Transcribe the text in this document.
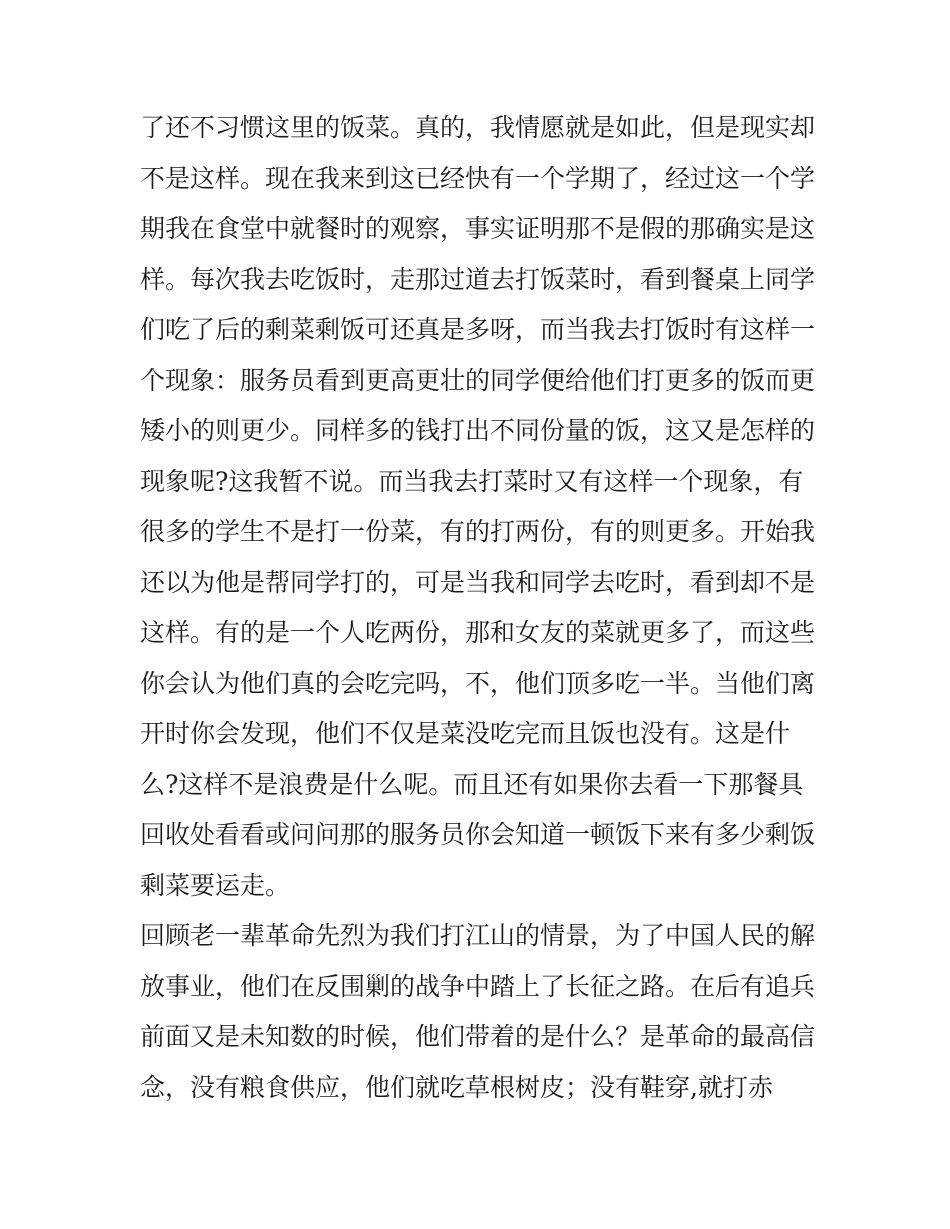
了还不习惯这里的饭菜。真的，我情愿就是如此，但是现实却
不是这样。现在我来到这已经快有一个学期了，经过这一个学
期我在食堂中就餐时的观察，事实证明那不是假的那确实是这
样。每次我去吃饭时，走那过道去打饭菜时，看到餐桌上同学
们吃了后的剩菜剩饭可还真是多呀，而当我去打饭时有这样一
个现象：服务员看到更高更壮的同学便给他们打更多的饭而更
矮小的则更少。同样多的钱打出不同份量的饭，这又是怎样的
现象呢?这我暂不说。而当我去打菜时又有这样一个现象，有
很多的学生不是打一份菜，有的打两份，有的则更多。开始我
还以为他是帮同学打的，可是当我和同学去吃时，看到却不是
这样。有的是一个人吃两份，那和女友的菜就更多了，而这些
你会认为他们真的会吃完吗，不，他们顶多吃一半。当他们离
开时你会发现，他们不仅是菜没吃完而且饭也没有。这是什
么?这样不是浪费是什么呢。而且还有如果你去看一下那餐具
回收处看看或问问那的服务员你会知道一顿饭下来有多少剩饭
剩菜要运走。
回顾老一辈革命先烈为我们打江山的情景，为了中国人民的解
放事业，他们在反围剿的战争中踏上了长征之路。在后有追兵
前面又是未知数的时候，他们带着的是什么？是革命的最高信
念，没有粮食供应，他们就吃草根树皮；没有鞋穿,就打赤
